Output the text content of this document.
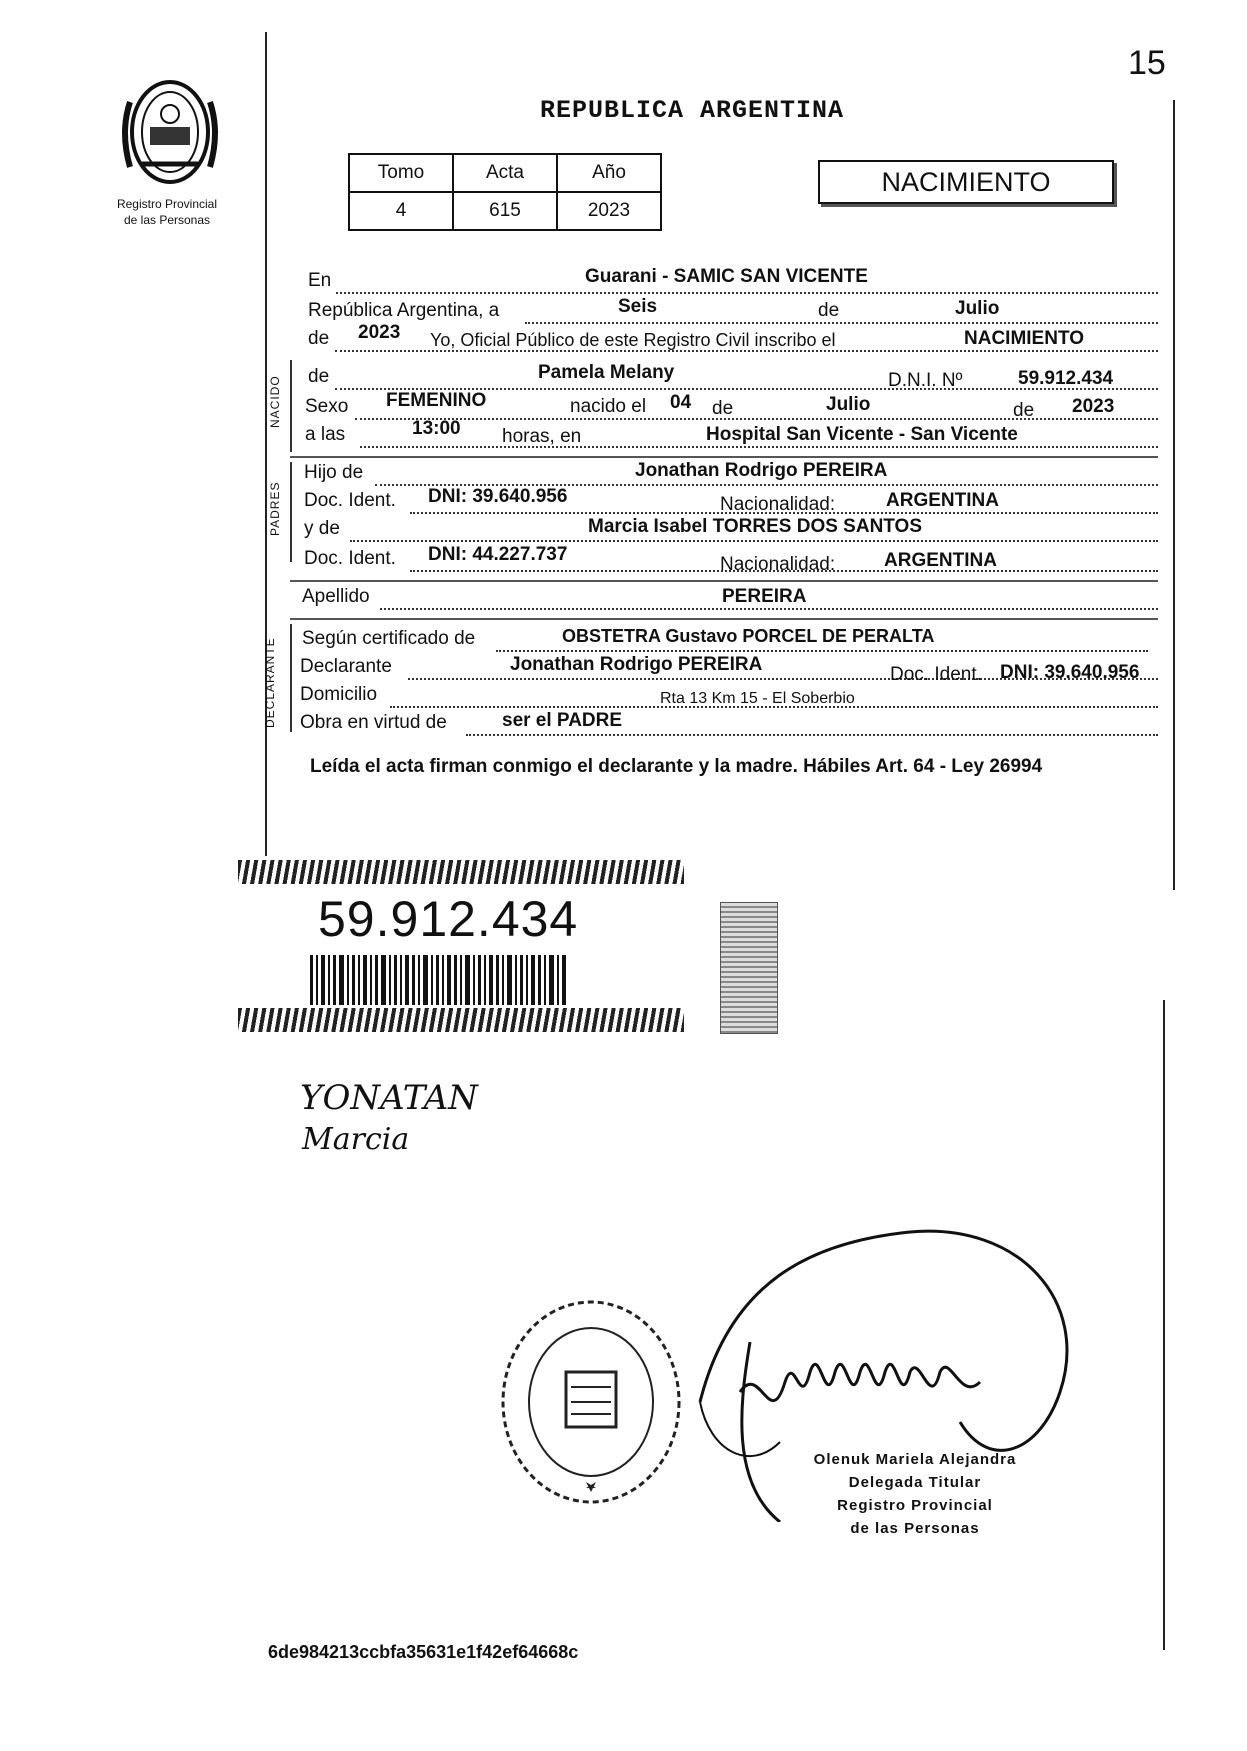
15
Registro Provincial
de las Personas
REPUBLICA ARGENTINA
Tomo	Acta	Año
4	615	2023
NACIMIENTO
En	Guarani - SAMIC SAN VICENTE
República Argentina, a	Seis	de	Julio
de 2023 Yo, Oficial Público de este Registro Civil inscribo el	NACIMIENTO
NACIDO de	Pamela Melany	D.N.I. Nº	59.912.434
Sexo FEMENINO	nacido el 04 de	Julio	de 2023
a las	13:00 horas, en	Hospital San Vicente - San Vicente
PADRES
Hijo de	Jonathan Rodrigo PEREIRA
Doc. Ident. DNI: 39.640.956	Nacionalidad:	ARGENTINA
y de	Marcia Isabel TORRES DOS SANTOS
Doc. Ident. DNI: 44.227.737	Nacionalidad:	ARGENTINA
Apellido	PEREIRA
DECLARANTE Según certificado de	OBSTETRA Gustavo PORCEL DE PERALTA
Declarante	Jonathan Rodrigo PEREIRA	Doc. Ident. DNI: 39.640.956
Domicilio	Rta 13 Km 15 - El Soberbio
Obra en virtud de	ser el PADRE
Leída el acta firman conmigo el declarante y la madre. Hábiles Art. 64 - Ley 26994
59.912.434
YONATAN
Marcia
Olenuk Mariela Alejandra
Delegada Titular
Registro Provincial
de las Personas
6de984213ccbfa35631e1f42ef64668c
